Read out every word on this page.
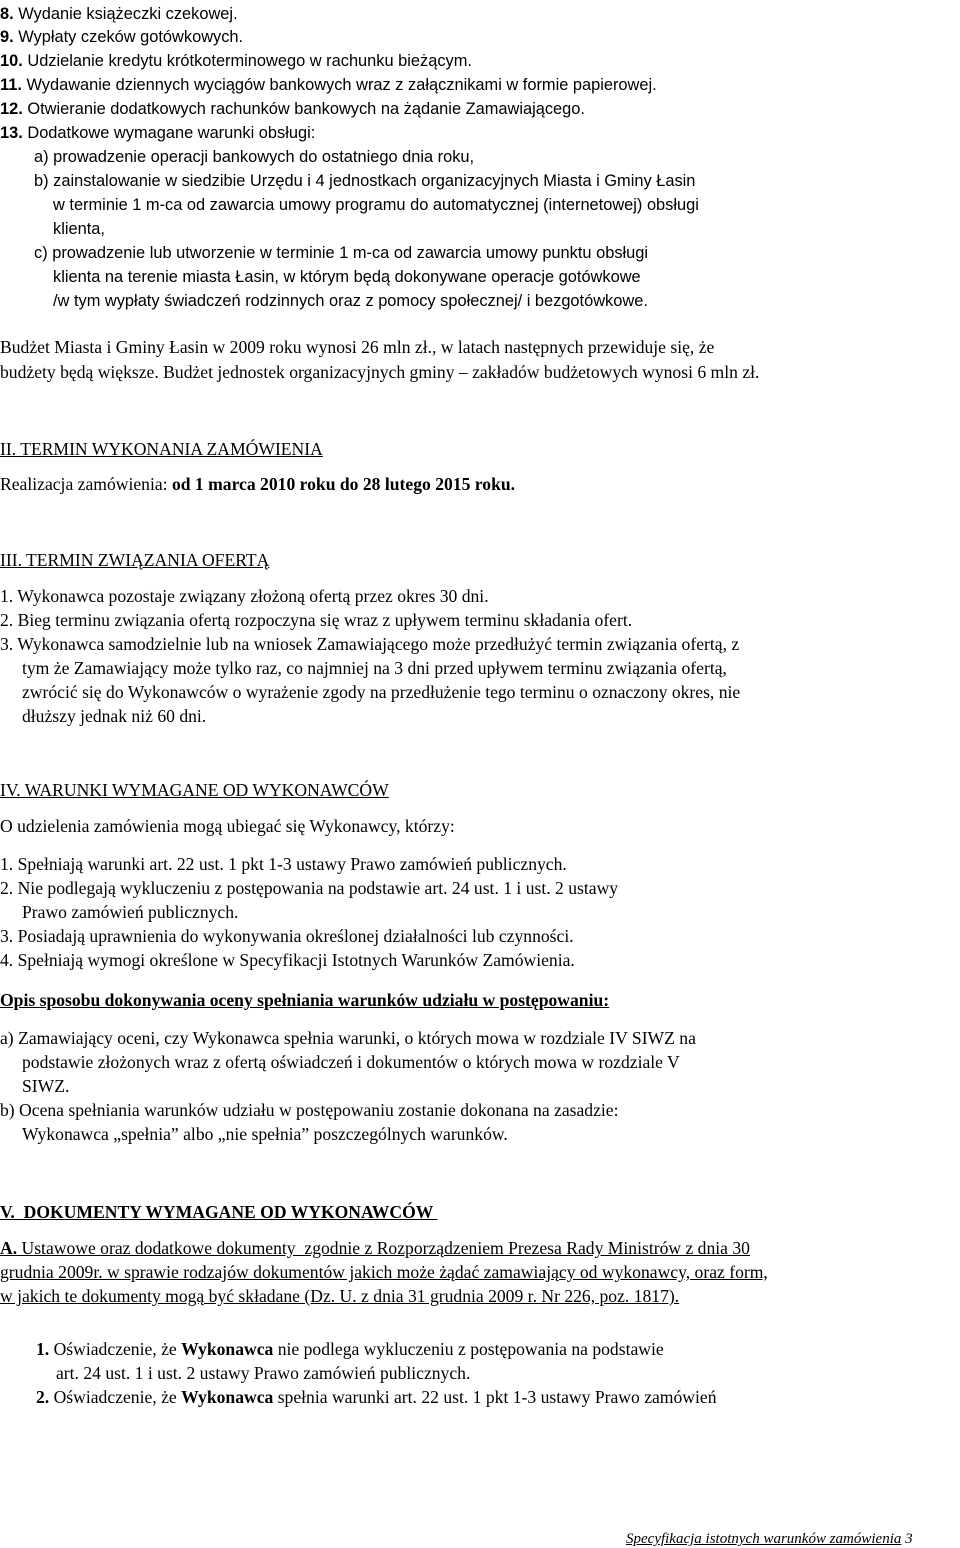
8. Wydanie książeczki czekowej.
9. Wypłaty czeków gotówkowych.
10. Udzielanie kredytu krótkoterminowego w rachunku bieżącym.
11. Wydawanie dziennych wyciągów bankowych wraz z załącznikami w formie papierowej.
12. Otwieranie dodatkowych rachunków bankowych na żądanie Zamawiającego.
13. Dodatkowe wymagane warunki obsługi:
a) prowadzenie operacji bankowych do ostatniego dnia roku,
b) zainstalowanie w siedzibie Urzędu i 4 jednostkach organizacyjnych Miasta i Gminy Łasin
w terminie 1 m-ca od zawarcia umowy programu do automatycznej (internetowej) obsługi
klienta,
c) prowadzenie lub utworzenie w terminie 1 m-ca od zawarcia umowy punktu obsługi
klienta na terenie miasta Łasin, w którym będą dokonywane operacje gotówkowe
/w tym wypłaty świadczeń rodzinnych oraz z pomocy społecznej/ i bezgotówkowe.
Budżet Miasta i Gminy Łasin w 2009 roku wynosi 26 mln zł., w latach następnych przewiduje się, że
budżety będą większe. Budżet jednostek organizacyjnych gminy – zakładów budżetowych wynosi 6 mln zł.
II. TERMIN WYKONANIA ZAMÓWIENIA
Realizacja zamówienia: od 1 marca 2010 roku do 28 lutego 2015 roku.
III. TERMIN ZWIĄZANIA OFERTĄ
1. Wykonawca pozostaje związany złożoną ofertą przez okres 30 dni.
2. Bieg terminu związania ofertą rozpoczyna się wraz z upływem terminu składania ofert.
3. Wykonawca samodzielnie lub na wniosek Zamawiającego może przedłużyć termin związania ofertą, z
tym że Zamawiający może tylko raz, co najmniej na 3 dni przed upływem terminu związania ofertą,
zwrócić się do Wykonawców o wyrażenie zgody na przedłużenie tego terminu o oznaczony okres, nie
dłuższy jednak niż 60 dni.
IV. WARUNKI WYMAGANE OD WYKONAWCÓW
O udzielenia zamówienia mogą ubiegać się Wykonawcy, którzy:
1. Spełniają warunki art. 22 ust. 1 pkt 1-3 ustawy Prawo zamówień publicznych.
2. Nie podlegają wykluczeniu z postępowania na podstawie art. 24 ust. 1 i ust. 2 ustawy
Prawo zamówień publicznych.
3. Posiadają uprawnienia do wykonywania określonej działalności lub czynności.
4. Spełniają wymogi określone w Specyfikacji Istotnych Warunków Zamówienia.
Opis sposobu dokonywania oceny spełniania warunków udziału w postępowaniu:
a) Zamawiający oceni, czy Wykonawca spełnia warunki, o których mowa w rozdziale IV SIWZ na
podstawie złożonych wraz z ofertą oświadczeń i dokumentów o których mowa w rozdziale V
SIWZ.
b) Ocena spełniania warunków udziału w postępowaniu zostanie dokonana na zasadzie:
Wykonawca „spełnia” albo „nie spełnia” poszczególnych warunków.
V.  DOKUMENTY WYMAGANE OD WYKONAWCÓW
A. Ustawowe oraz dodatkowe dokumenty  zgodnie z Rozporządzeniem Prezesa Rady Ministrów z dnia 30
grudnia 2009r. w sprawie rodzajów dokumentów jakich może żądać zamawiający od wykonawcy, oraz form,
w jakich te dokumenty mogą być składane (Dz. U. z dnia 31 grudnia 2009 r. Nr 226, poz. 1817).
1. Oświadczenie, że Wykonawca nie podlega wykluczeniu z postępowania na podstawie
art. 24 ust. 1 i ust. 2 ustawy Prawo zamówień publicznych.
2. Oświadczenie, że Wykonawca spełnia warunki art. 22 ust. 1 pkt 1-3 ustawy Prawo zamówień
Specyfikacja istotnych warunków zamówienia 3
